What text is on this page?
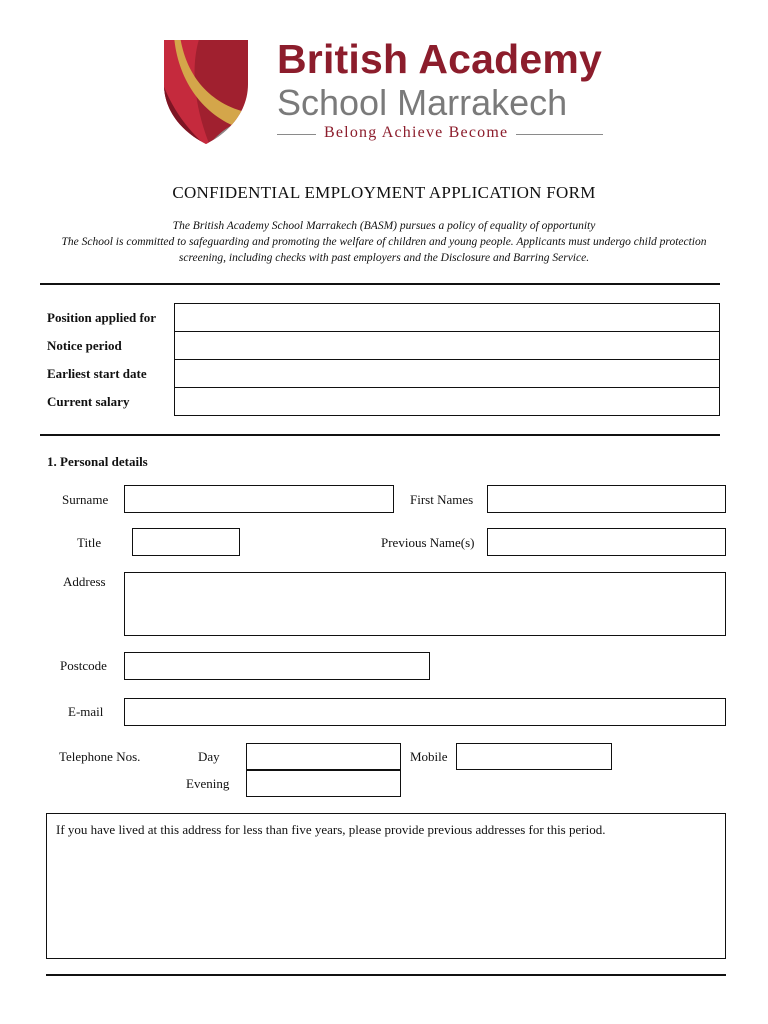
British Academy
School Marrakech
Belong Achieve Become
CONFIDENTIAL EMPLOYMENT APPLICATION FORM
The British Academy School Marrakech (BASM) pursues a policy of equality of opportunity
The School is committed to safeguarding and promoting the welfare of children and young people. Applicants must undergo child protection
screening, including checks with past employers and the Disclosure and Barring Service.
Position applied for
Notice period
Earliest start date
Current salary
1. Personal details
Surname	First Names
Title	Previous Name(s)
Address
Postcode
E-mail
Telephone Nos.	Day	Mobile
Evening
If you have lived at this address for less than five years, please provide previous addresses for this period.
